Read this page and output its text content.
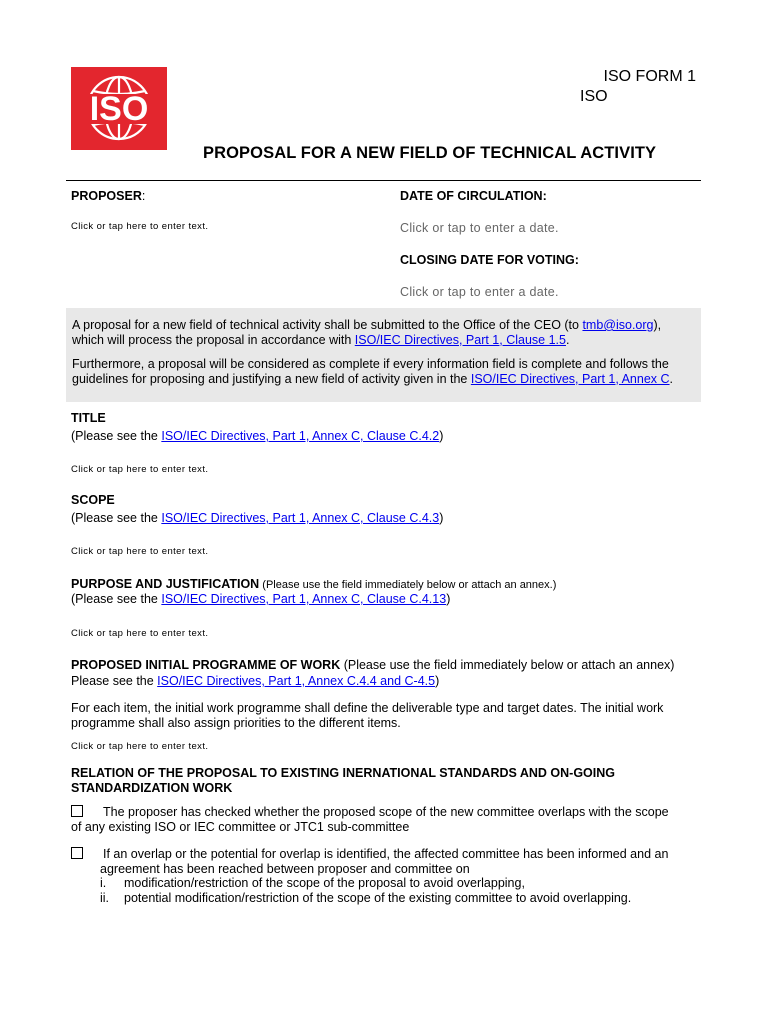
ISO
ISO FORM 1
ISO
PROPOSAL FOR A NEW FIELD OF TECHNICAL ACTIVITY
PROPOSER:
Click or tap here to enter text.
DATE OF CIRCULATION:
Click or tap to enter a date.
CLOSING DATE FOR VOTING:
Click or tap to enter a date.

A proposal for a new field of technical activity shall be submitted to the Office of the CEO (to tmb@iso.org),
which will process the proposal in accordance with ISO/IEC Directives, Part 1, Clause 1.5.

Furthermore, a proposal will be considered as complete if every information field is complete and follows the
guidelines for proposing and justifying a new field of activity given in the ISO/IEC Directives, Part 1, Annex C.

TITLE
(Please see the ISO/IEC Directives, Part 1, Annex C, Clause C.4.2)
Click or tap here to enter text.
SCOPE
(Please see the ISO/IEC Directives, Part 1, Annex C, Clause C.4.3)
Click or tap here to enter text.
PURPOSE AND JUSTIFICATION (Please use the field immediately below or attach an annex.)
(Please see the ISO/IEC Directives, Part 1, Annex C, Clause C.4.13)
Click or tap here to enter text.
PROPOSED INITIAL PROGRAMME OF WORK (Please use the field immediately below or attach an annex)
Please see the ISO/IEC Directives, Part 1, Annex C.4.4 and C-4.5)
For each item, the initial work programme shall define the deliverable type and target dates. The initial work
programme shall also assign priorities to the different items.
Click or tap here to enter text.
RELATION OF THE PROPOSAL TO EXISTING INERNATIONAL STANDARDS AND ON-GOING
STANDARDIZATION WORK
The proposer has checked whether the proposed scope of the new committee overlaps with the scope
of any existing ISO or IEC committee or JTC1 sub-committee
If an overlap or the potential for overlap is identified, the affected committee has been informed and an
agreement has been reached between proposer and committee on
i. modification/restriction of the scope of the proposal to avoid overlapping,
ii. potential modification/restriction of the scope of the existing committee to avoid overlapping.
